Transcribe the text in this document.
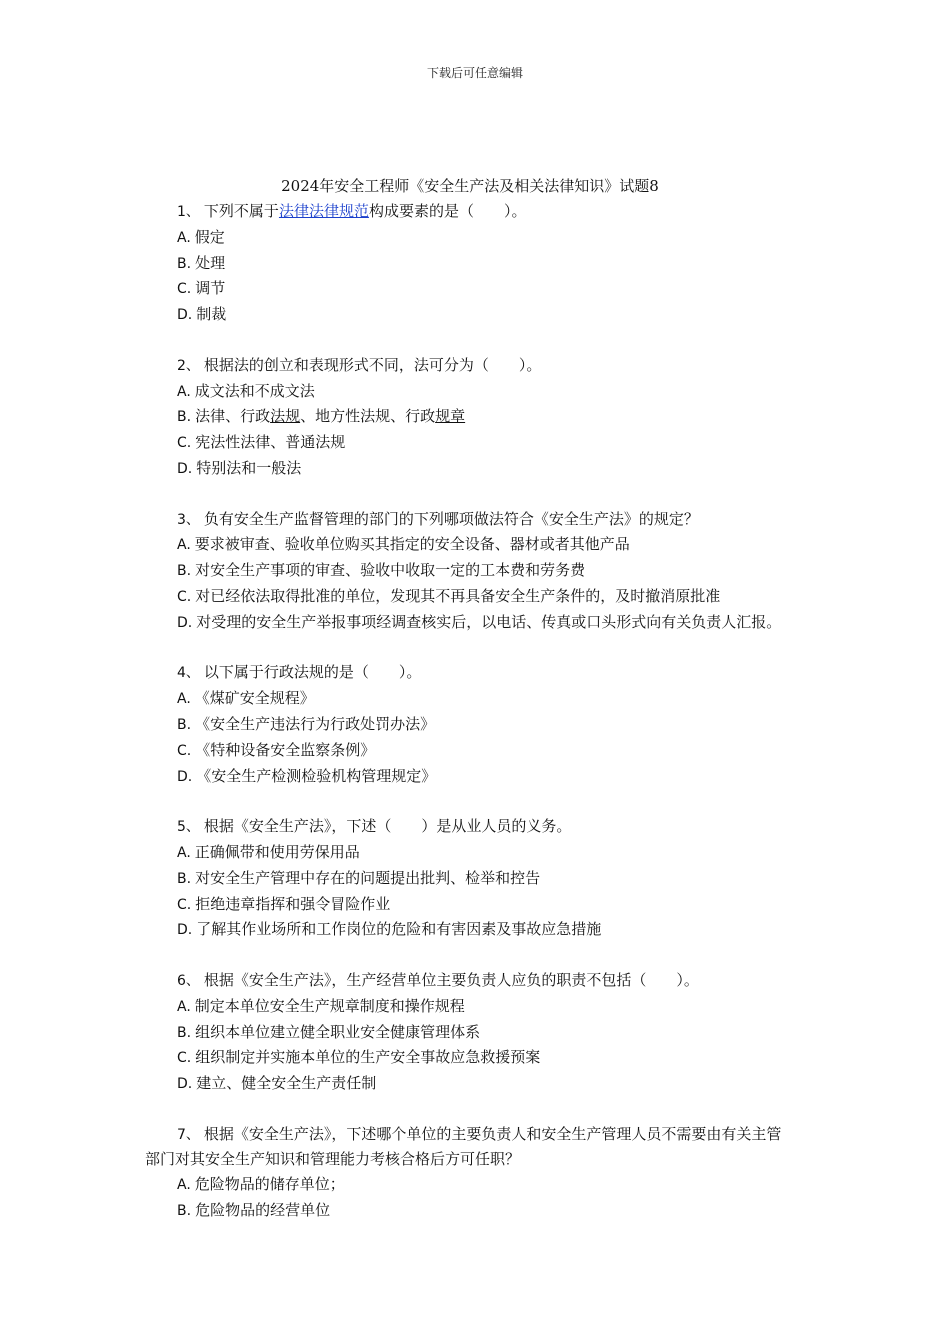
下载后可任意编辑
2024年安全工程师《安全生产法及相关法律知识》试题8

1、 下列不属于法律法律规范构成要素的是（　　）。

A. 假定

B. 处理

C. 调节

D. 制裁

2、 根据法的创立和表现形式不同，法可分为（　　）。

A. 成文法和不成文法

B. 法律、行政法规、地方性法规、行政规章

C. 宪法性法律、普通法规

D. 特别法和一般法

3、 负有安全生产监督管理的部门的下列哪项做法符合《安全生产法》的规定？

A. 要求被审查、验收单位购买其指定的安全设备、器材或者其他产品

B. 对安全生产事项的审查、验收中收取一定的工本费和劳务费

C. 对已经依法取得批准的单位，发现其不再具备安全生产条件的，及时撤消原批准

D. 对受理的安全生产举报事项经调查核实后，以电话、传真或口头形式向有关负责人汇报。

4、 以下属于行政法规的是（　　）。

A. 《煤矿安全规程》

B. 《安全生产违法行为行政处罚办法》

C. 《特种设备安全监察条例》

D. 《安全生产检测检验机构管理规定》

5、 根据《安全生产法》，下述（　　）是从业人员的义务。

A. 正确佩带和使用劳保用品

B. 对安全生产管理中存在的问题提出批判、检举和控告

C. 拒绝违章指挥和强令冒险作业

D. 了解其作业场所和工作岗位的危险和有害因素及事故应急措施

6、 根据《安全生产法》，生产经营单位主要负责人应负的职责不包括（　　）。

A. 制定本单位安全生产规章制度和操作规程

B. 组织本单位建立健全职业安全健康管理体系

C. 组织制定并实施本单位的生产安全事故应急救援预案

D. 建立、健全安全生产责任制

7、 根据《安全生产法》，下述哪个单位的主要负责人和安全生产管理人员不需要由有关主管部门对其安全生产知识和管理能力考核合格后方可任职？

A. 危险物品的储存单位；

B. 危险物品的经营单位
